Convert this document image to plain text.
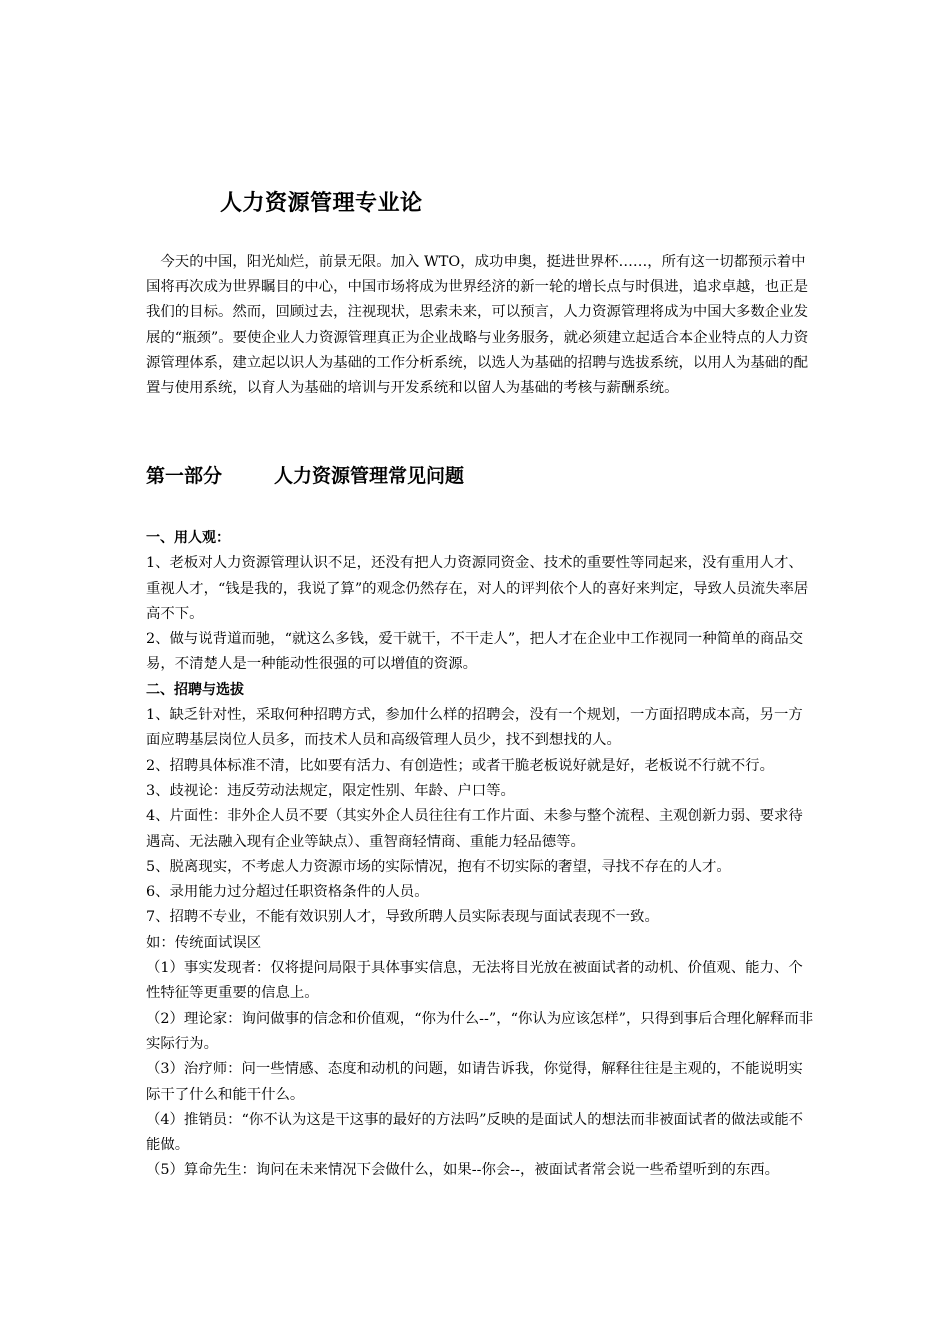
人力资源管理专业论

　今天的中国，阳光灿烂，前景无限。加入 WTO，成功申奥，挺进世界杯……，所有这一切都预示着中国将再次成为世界瞩目的中心，中国市场将成为世界经济的新一轮的增长点与时俱进，追求卓越，也正是我们的目标。然而，回顾过去，注视现状，思索未来，可以预言，人力资源管理将成为中国大多数企业发展的“瓶颈”。要使企业人力资源管理真正为企业战略与业务服务，就必须建立起适合本企业特点的人力资源管理体系，建立起以识人为基础的工作分析系统，以选人为基础的招聘与选拔系统，以用人为基础的配置与使用系统，以育人为基础的培训与开发系统和以留人为基础的考核与薪酬系统。

第一部分	人力资源管理常见问题

一、用人观：

1、老板对人力资源管理认识不足，还没有把人力资源同资金、技术的重要性等同起来，没有重用人才、重视人才，“钱是我的，我说了算”的观念仍然存在，对人的评判依个人的喜好来判定，导致人员流失率居高不下。

2、做与说背道而驰，“就这么多钱，爱干就干，不干走人”，把人才在企业中工作视同一种简单的商品交易，不清楚人是一种能动性很强的可以增值的资源。

二、招聘与选拔

1、缺乏针对性，采取何种招聘方式，参加什么样的招聘会，没有一个规划，一方面招聘成本高，另一方面应聘基层岗位人员多，而技术人员和高级管理人员少，找不到想找的人。

2、招聘具体标准不清，比如要有活力、有创造性；或者干脆老板说好就是好，老板说不行就不行。

3、歧视论：违反劳动法规定，限定性别、年龄、户口等。

4、片面性：非外企人员不要（其实外企人员往往有工作片面、未参与整个流程、主观创新力弱、要求待遇高、无法融入现有企业等缺点）、重智商轻情商、重能力轻品德等。

5、脱离现实，不考虑人力资源市场的实际情况，抱有不切实际的奢望，寻找不存在的人才。

6、录用能力过分超过任职资格条件的人员。

7、招聘不专业，不能有效识别人才，导致所聘人员实际表现与面试表现不一致。

如：传统面试误区

（1）事实发现者：仅将提问局限于具体事实信息，无法将目光放在被面试者的动机、价值观、能力、个性特征等更重要的信息上。

（2）理论家：询问做事的信念和价值观，“你为什么--”，“你认为应该怎样”，只得到事后合理化解释而非实际行为。

（3）治疗师：问一些情感、态度和动机的问题，如请告诉我，你觉得，解释往往是主观的，不能说明实际干了什么和能干什么。

（4）推销员：“你不认为这是干这事的最好的方法吗”反映的是面试人的想法而非被面试者的做法或能不能做。

（5）算命先生：询问在未来情况下会做什么，如果--你会--，被面试者常会说一些希望听到的东西。
